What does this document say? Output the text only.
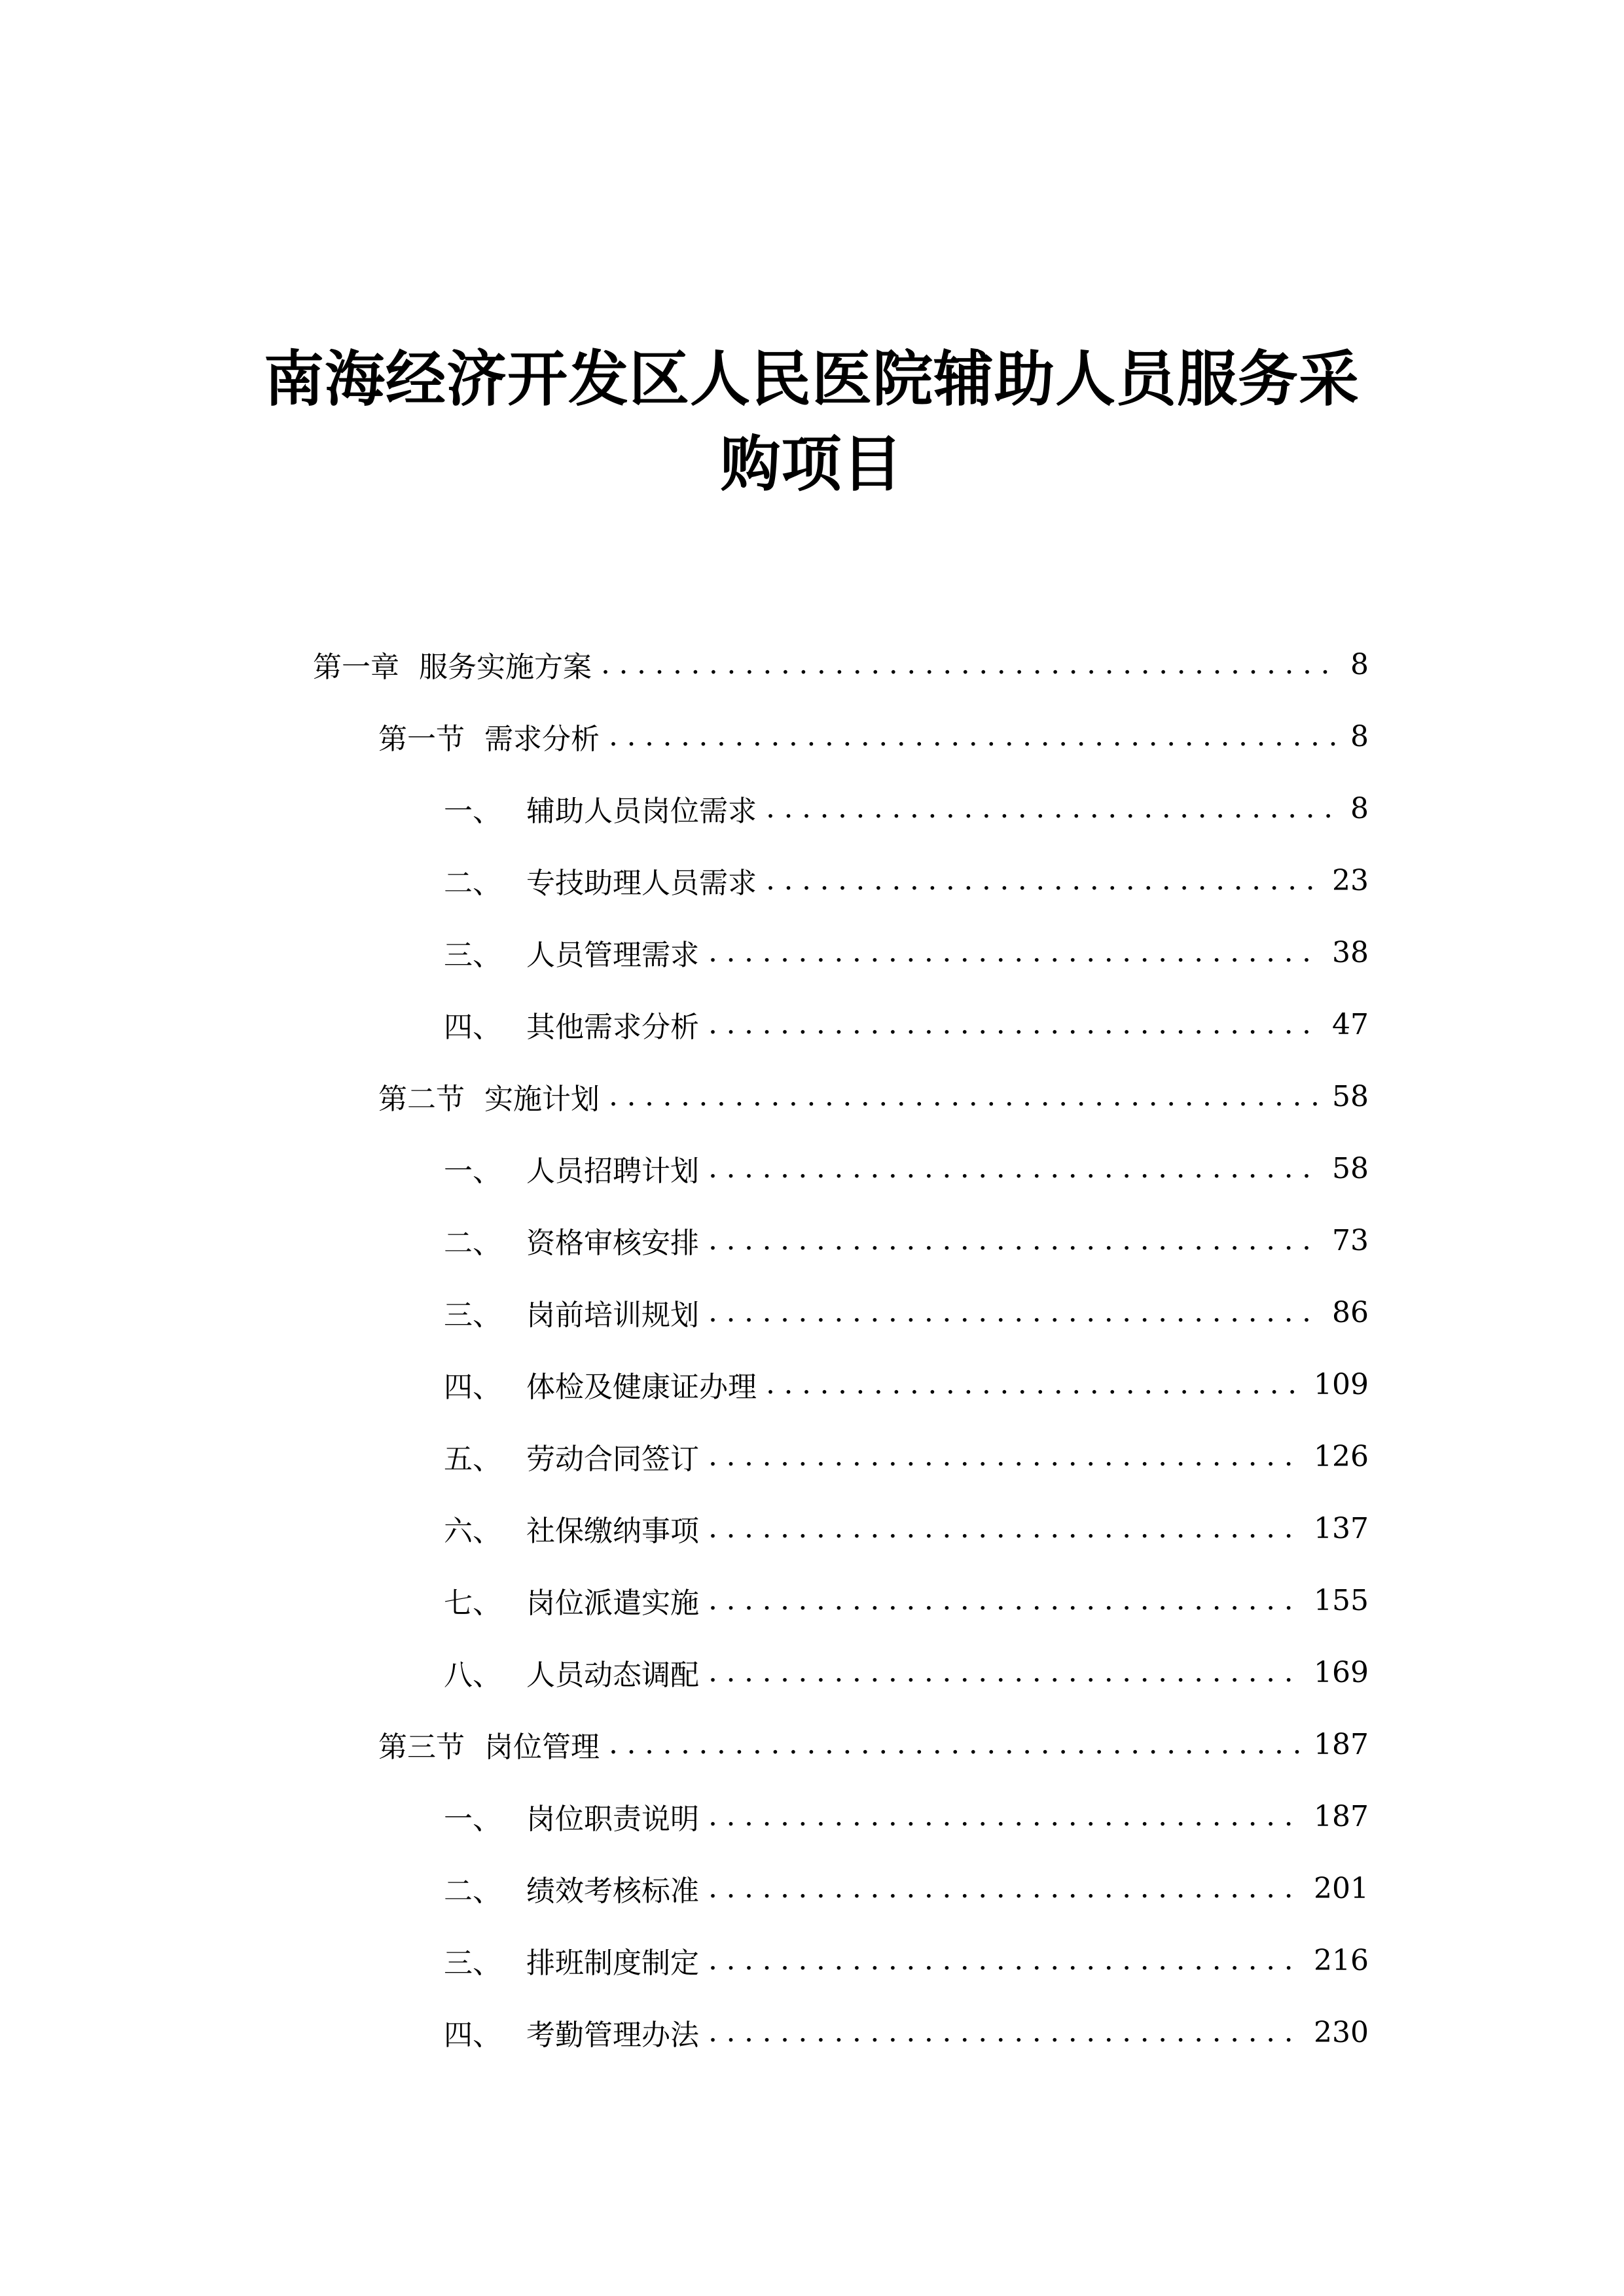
南海经济开发区人民医院辅助人员服务采
购项目
第一章 服务实施方案 .....	8
第一节 需求分析 .....	8
一、 辅助人员岗位需求 .....	8
二、 专技助理人员需求 .....	23
三、 人员管理需求 .....	38
四、 其他需求分析 .....	47
第二节 实施计划 .....	58
一、 人员招聘计划 .....	58
二、 资格审核安排 .....	73
三、 岗前培训规划 .....	86
四、 体检及健康证办理 .....	109
五、 劳动合同签订 .....	126
六、 社保缴纳事项 .....	137
七、 岗位派遣实施 .....	155
八、 人员动态调配 .....	169
第三节 岗位管理 .....	187
一、 岗位职责说明 .....	187
二、 绩效考核标准 .....	201
三、 排班制度制定 .....	216
四、 考勤管理办法 .....	230
